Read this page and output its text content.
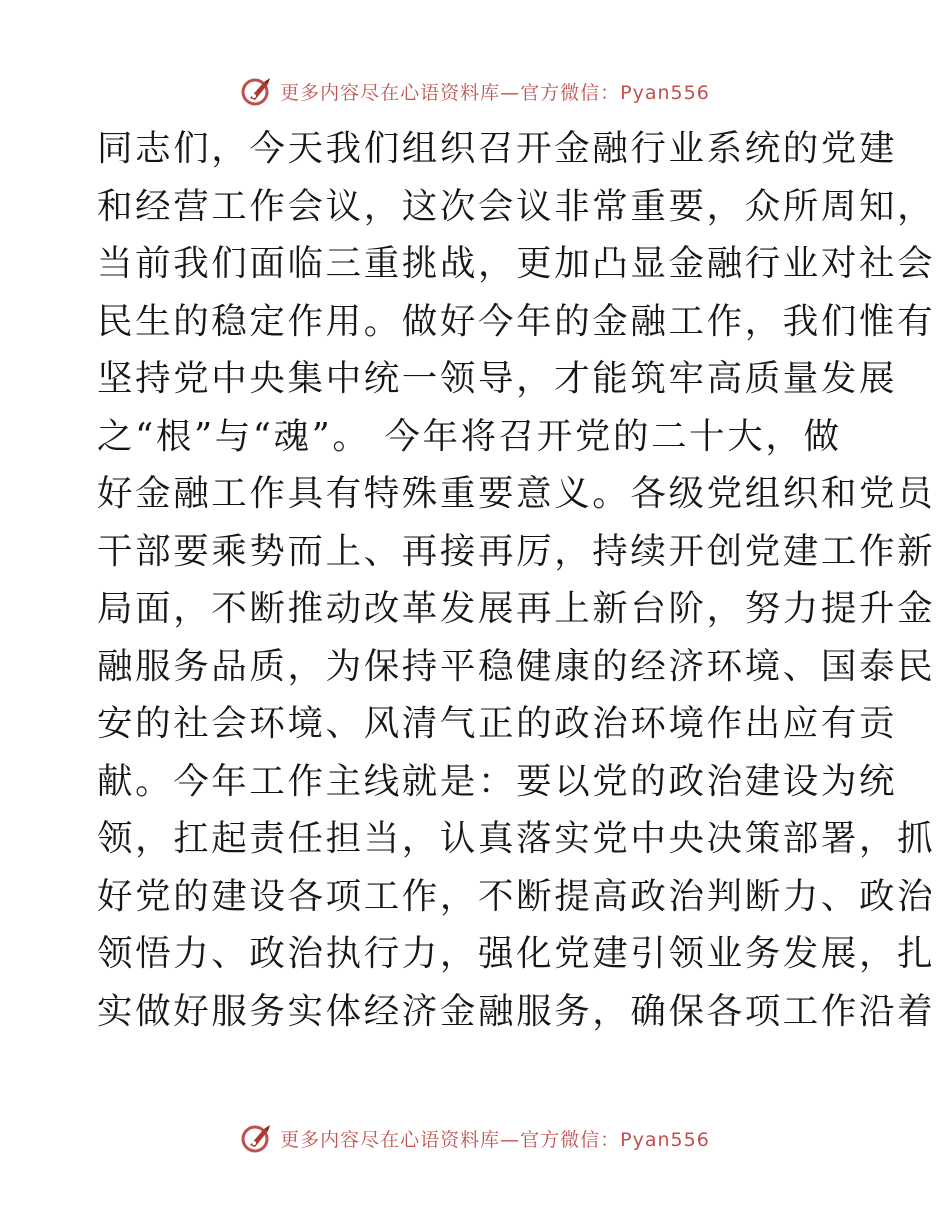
更多内容尽在心语资料库—官方微信：Pyan556
同志们，今天我们组织召开金融行业系统的党建
和经营工作会议，这次会议非常重要，众所周知，
当前我们面临三重挑战，更加凸显金融行业对社会
民生的稳定作用。做好今年的金融工作，我们惟有
坚持党中央集中统一领导，才能筑牢高质量发展
之“根”与“魂”。 今年将召开党的二十大，做
好金融工作具有特殊重要意义。各级党组织和党员
干部要乘势而上、再接再厉，持续开创党建工作新
局面，不断推动改革发展再上新台阶，努力提升金
融服务品质，为保持平稳健康的经济环境、国泰民
安的社会环境、风清气正的政治环境作出应有贡
献。今年工作主线就是：要以党的政治建设为统
领，扛起责任担当，认真落实党中央决策部署，抓
好党的建设各项工作，不断提高政治判断力、政治
领悟力、政治执行力，强化党建引领业务发展，扎
实做好服务实体经济金融服务，确保各项工作沿着
更多内容尽在心语资料库—官方微信：Pyan556
